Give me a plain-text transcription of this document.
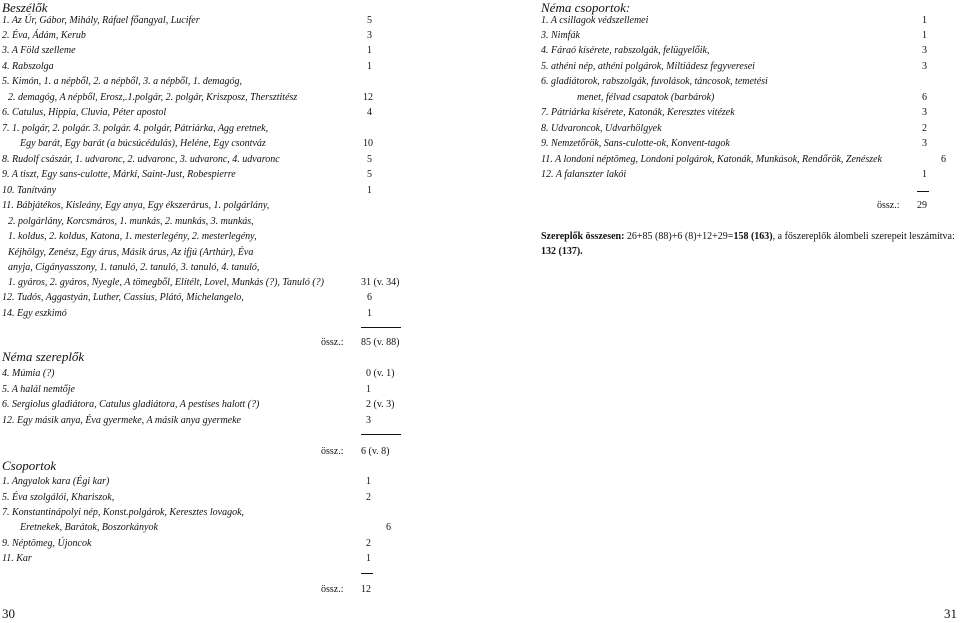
Beszélők
1. Az Úr, Gábor, Mihály, Ráfael főangyal, Lucifer	5
2. Éva, Ádám, Kerub	3
3. A Föld szelleme	1
4. Rabszolga	1
5. Kimón, 1. a népből, 2. a népből, 3. a népből, 1. demagóg,
2. demagóg, A népből, Erosz,.1.polgár, 2. polgár, Kriszposz, Thersztitész	12
6. Catulus, Hippia, Cluvia, Péter apostol	4
7. 1. polgár, 2. polgár. 3. polgár. 4. polgár, Pátriárka, Agg eretnek,
Egy barát, Egy barát (a búcsúcédulás), Heléne, Egy csontváz	10
8. Rudolf császár, 1. udvaronc, 2. udvaronc, 3. udvaronc, 4. udvaronc	5
9. A tiszt, Egy sans-culotte, Márki, Saint-Just, Robespierre	5
10. Tanítvány	1
11. Bábjátékos, Kisleány, Egy anya, Egy ékszerárus, 1. polgárlány,
2. polgárlány, Korcsmáros, 1. munkás, 2. munkás, 3. munkás,
1. koldus, 2. koldus, Katona, 1. mesterlegény, 2. mesterlegény,
Kéjhölgy, Zenész, Egy árus, Másik árus, Az ifjú (Arthúr), Éva
anyja, Cigányasszony, 1. tanuló, 2. tanuló, 3. tanuló, 4. tanuló,
1. gyáros, 2. gyáros, Nyegle, A tömegből, Elítélt, Lovel, Munkás (?), Tanuló (?)	31 (v. 34)
12. Tudós, Aggastyán, Luther, Cassius, Plátó, Michelangelo,	6
14. Egy eszkimó	1
össz.: 85 (v. 88)
Néma szereplők
4. Múmia (?)	0 (v. 1)
5. A halál nemtője	1
6. Sergiolus gladiátora, Catulus gladiátora, A pestises halott (?)	2 (v. 3)
12. Egy másik anya, Éva gyermeke, A másik anya gyermeke	3
össz.: 6 (v. 8)
Csoportok
1. Angyalok kara (Égi kar)	1
5. Éva szolgálói, Khariszok,	2
7. Konstantinápolyi nép, Konst.polgárok, Keresztes lovagok,
Eretnekek, Barátok, Boszorkányok	6
9. Néptömeg, Újoncok	2
11. Kar	1
össz.: 12
30
Néma csoportok:
1. A csillagok védszellemei	1
3. Nimfák	1
4. Fáraó kísérete, rabszolgák, felügyelőik,	3
5. athéni nép, athéni polgárok, Miltiádesz fegyveresei	3
6. gladiátorok, rabszolgák, fuvolások, táncosok, temetési
menet, félvad csapatok (barbárok)	6
7. Pátriárka kísérete, Katonák, Keresztes vitézek	3
8. Udvaroncok, Udvarhölgyek	2
9. Nemzetőrök, Sans-culotte-ok, Konvent-tagok	3
11. A londoni néptömeg, Londoni polgárok, Katonák, Munkások, Rendőrök, Zenészek	6
12. A falanszter lakói	1
össz.: 29
Szereplők összesen: 26+85 (88)+6 (8)+12+29=158 (163), a főszereplők álombeli szerepeit leszámítva:
132 (137).
31
